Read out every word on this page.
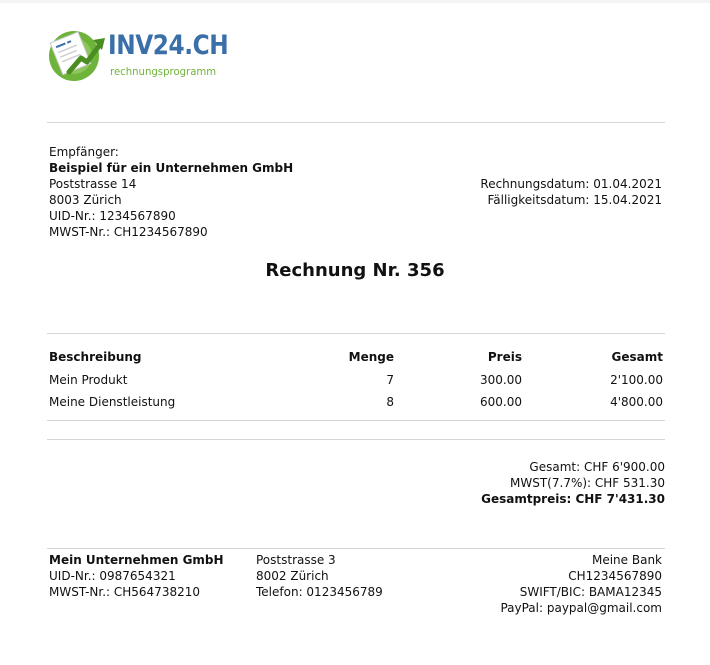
INV24.CH
rechnungsprogramm
Empfänger:
Beispiel für ein Unternehmen GmbH
Poststrasse 14
8003 Zürich
UID-Nr.: 1234567890
MWST-Nr.: CH1234567890
Rechnungsdatum: 01.04.2021
Fälligkeitsdatum: 15.04.2021
Rechnung Nr. 356
Beschreibung	Menge	Preis	Gesamt
Mein Produkt	7	300.00	2'100.00
Meine Dienstleistung	8	600.00	4'800.00
Gesamt: CHF 6'900.00
MWST(7.7%): CHF 531.30
Gesamtpreis: CHF 7'431.30
Mein Unternehmen GmbH
UID-Nr.: 0987654321
MWST-Nr.: CH564738210
Poststrasse 3
8002 Zürich
Telefon: 0123456789
Meine Bank
CH1234567890
SWIFT/BIC: BAMA12345
PayPal: paypal@gmail.com
